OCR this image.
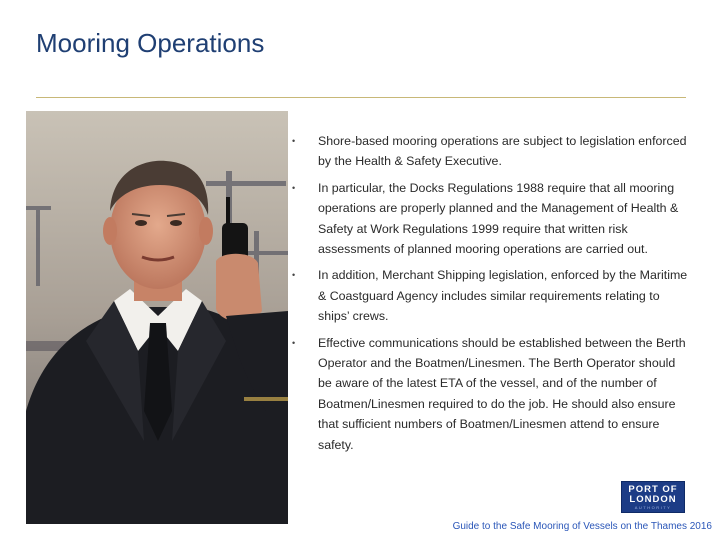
Mooring Operations
• Shore-based mooring operations are subject to legislation enforced by the Health & Safety Executive.
• In particular, the Docks Regulations 1988 require that all mooring operations are properly planned and the Management of Health & Safety at Work Regulations 1999 require that written risk assessments of planned mooring operations are carried out.
• In addition, Merchant Shipping legislation, enforced by the Maritime & Coastguard Agency includes similar requirements relating to ships’ crews.
• Effective communications should be established between the Berth Operator and the Boatmen/Linesmen. The Berth Operator should be aware of the latest ETA of the vessel, and of the number of Boatmen/Linesmen required to do the job. He should also ensure that sufficient numbers of Boatmen/Linesmen attend to ensure safety.
PORT OF
LONDON
AUTHORITY
Guide to the Safe Mooring of Vessels on the Thames 2016
